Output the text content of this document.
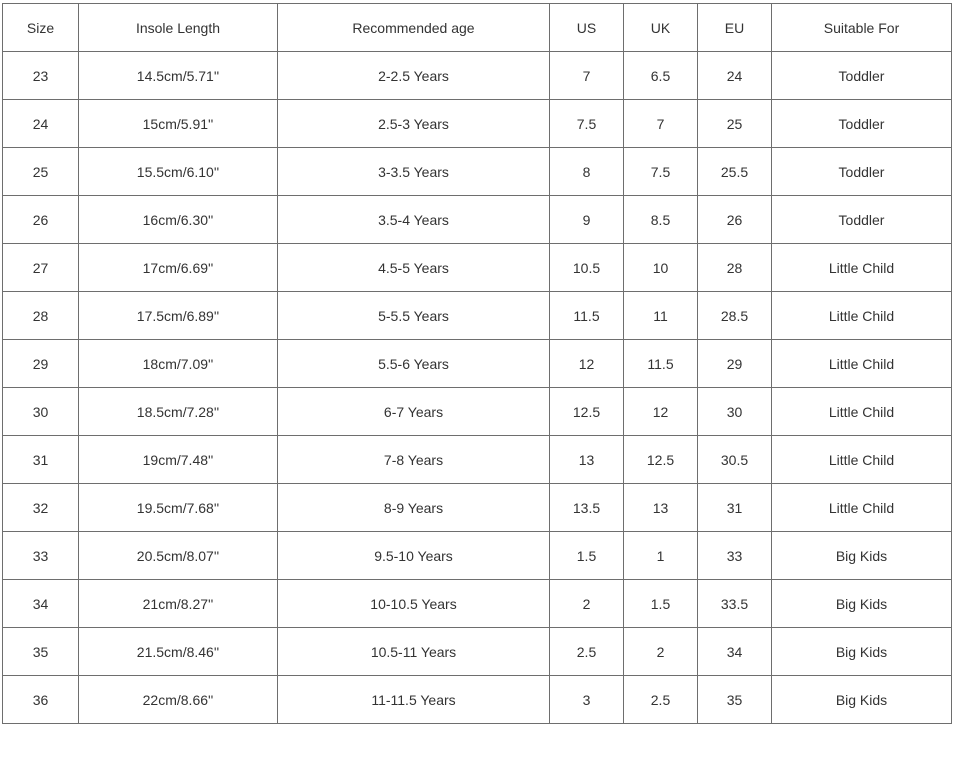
Size	Insole Length	Recommended age	US	UK	EU	Suitable For
23	14.5cm/5.71''	2-2.5 Years	7	6.5	24	Toddler
24	15cm/5.91''	2.5-3 Years	7.5	7	25	Toddler
25	15.5cm/6.10''	3-3.5 Years	8	7.5	25.5	Toddler
26	16cm/6.30''	3.5-4 Years	9	8.5	26	Toddler
27	17cm/6.69''	4.5-5 Years	10.5	10	28	Little Child
28	17.5cm/6.89''	5-5.5 Years	11.5	11	28.5	Little Child
29	18cm/7.09''	5.5-6 Years	12	11.5	29	Little Child
30	18.5cm/7.28''	6-7 Years	12.5	12	30	Little Child
31	19cm/7.48''	7-8 Years	13	12.5	30.5	Little Child
32	19.5cm/7.68''	8-9 Years	13.5	13	31	Little Child
33	20.5cm/8.07''	9.5-10 Years	1.5	1	33	Big Kids
34	21cm/8.27''	10-10.5 Years	2	1.5	33.5	Big Kids
35	21.5cm/8.46''	10.5-11 Years	2.5	2	34	Big Kids
36	22cm/8.66''	11-11.5 Years	3	2.5	35	Big Kids
